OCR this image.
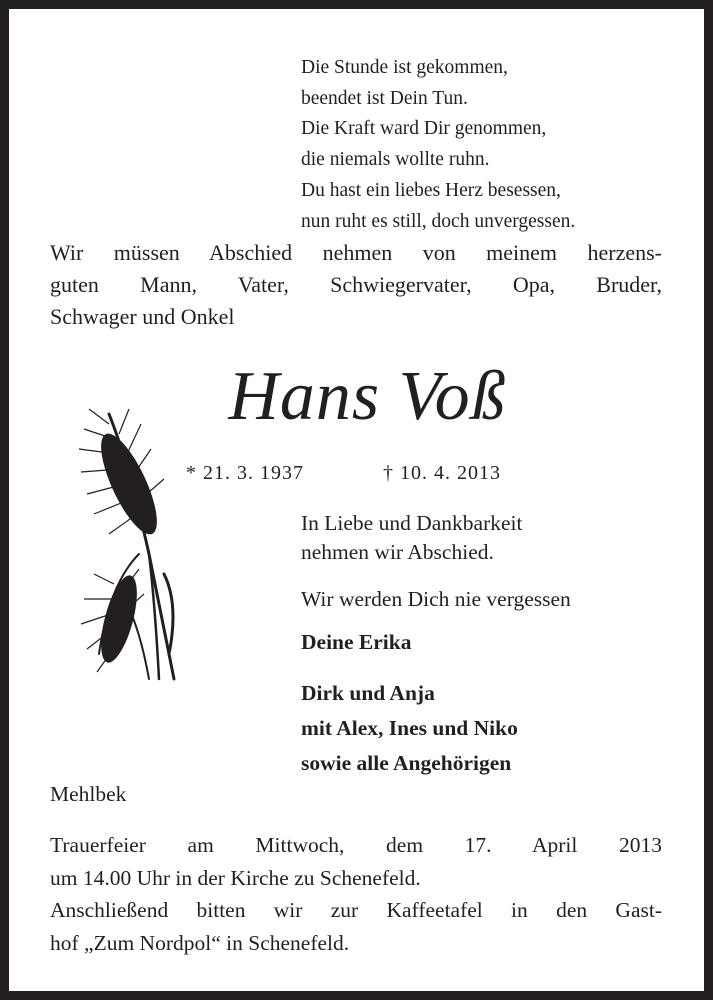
Die Stunde ist gekommen,
beendet ist Dein Tun.
Die Kraft ward Dir genommen,
die niemals wollte ruhn.
Du hast ein liebes Herz besessen,
nun ruht es still, doch unvergessen.
Wir müssen Abschied nehmen von meinem herzens-
guten Mann, Vater, Schwiegervater, Opa, Bruder,
Schwager und Onkel
Hans Voß
* 21. 3. 1937	† 10. 4. 2013
In Liebe und Dankbarkeit
nehmen wir Abschied.
Wir werden Dich nie vergessen
Deine Erika
Dirk und Anja
mit Alex, Ines und Niko
sowie alle Angehörigen
Mehlbek
Trauerfeier am Mittwoch, dem 17. April 2013
um 14.00 Uhr in der Kirche zu Schenefeld.
Anschließend bitten wir zur Kaffeetafel in den Gast-
hof „Zum Nordpol“ in Schenefeld.
